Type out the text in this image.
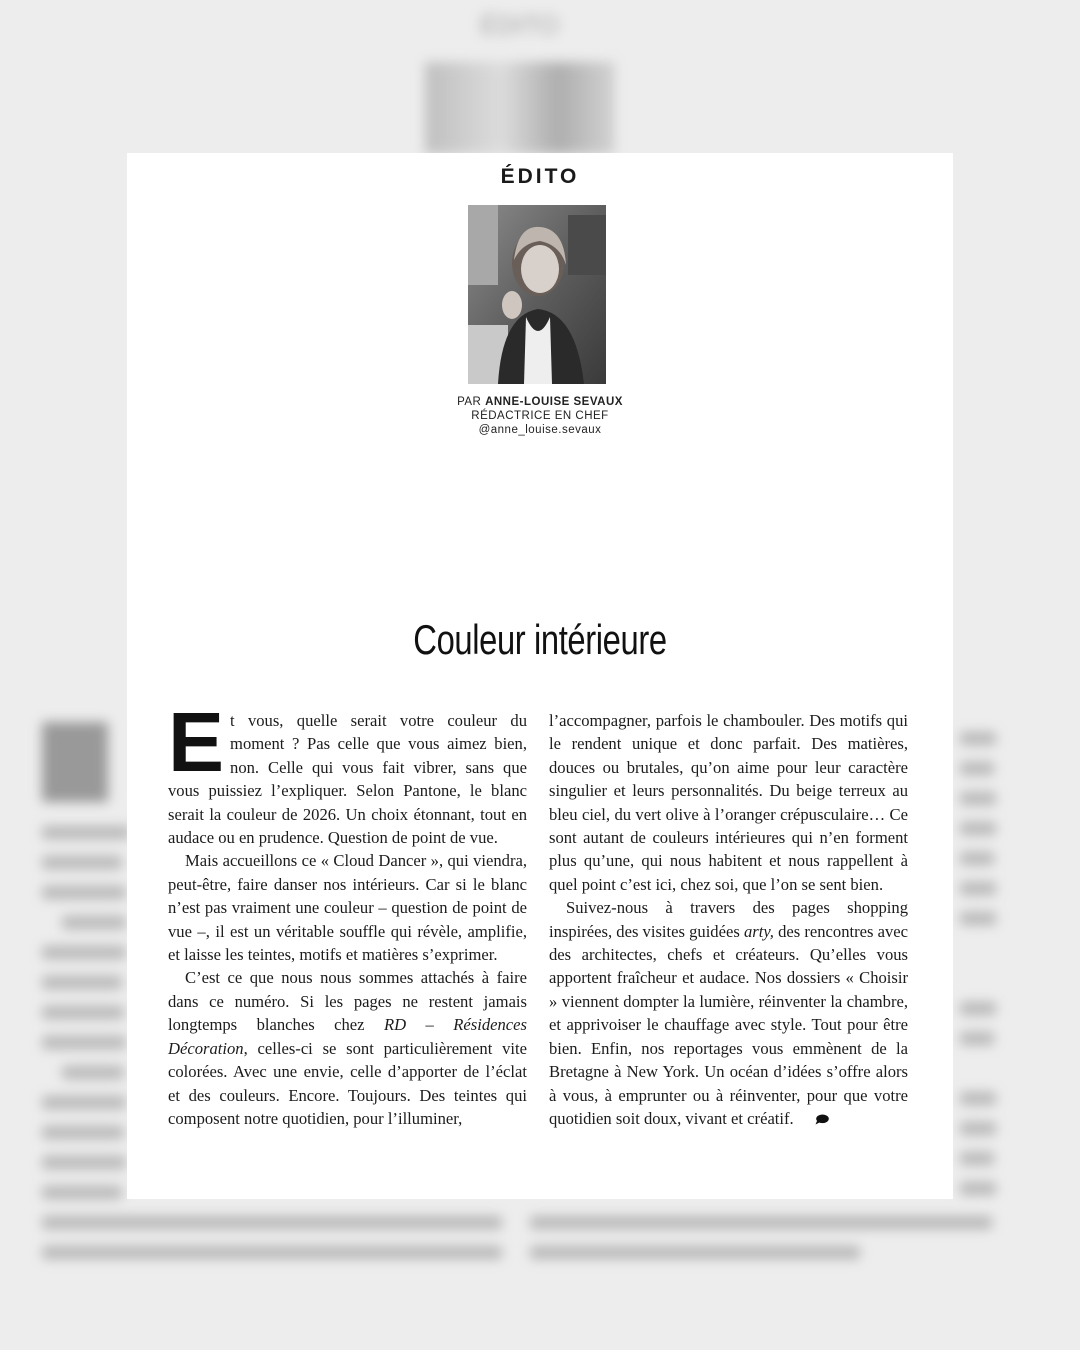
ÉDITO
ÉDITO
PAR ANNE-LOUISE SEVAUX
RÉDACTRICE EN CHEF
@anne_louise.sevaux
Couleur intérieure

Et vous, quelle serait votre couleur du moment ? Pas celle que vous aimez bien, non. Celle qui vous fait vibrer, sans que vous puissiez l’expliquer. Selon Pantone, le blanc serait la couleur de 2026. Un choix étonnant, tout en audace ou en prudence. Question de point de vue.

Mais accueillons ce « Cloud Dancer », qui viendra, peut-être, faire danser nos intérieurs. Car si le blanc n’est pas vraiment une couleur – question de point de vue –, il est un véritable souffle qui révèle, amplifie, et laisse les teintes, motifs et matières s’exprimer.

C’est ce que nous nous sommes attachés à faire dans ce numéro. Si les pages ne restent jamais longtemps blanches chez RD – Résidences Décoration, celles-ci se sont particulièrement vite colorées. Avec une envie, celle d’apporter de l’éclat et des couleurs. Encore. Toujours. Des teintes qui composent notre quotidien, pour l’illuminer,

l’accompagner, parfois le chambouler. Des motifs qui le rendent unique et donc parfait. Des matières, douces ou brutales, qu’on aime pour leur caractère singulier et leurs personnalités. Du beige terreux au bleu ciel, du vert olive à l’oranger crépusculaire… Ce sont autant de couleurs intérieures qui n’en forment plus qu’une, qui nous habitent et nous rappellent à quel point c’est ici, chez soi, que l’on se sent bien.

Suivez-nous à travers des pages shopping inspirées, des visites guidées arty, des rencontres avec des architectes, chefs et créateurs. Qu’elles vous apportent fraîcheur et audace. Nos dossiers « Choisir » viennent dompter la lumière, réinventer la chambre, et apprivoiser le chauffage avec style. Tout pour être bien. Enfin, nos reportages vous emmènent de la Bretagne à New York. Un océan d’idées s’offre alors à vous, à emprunter ou à réinventer, pour que votre quotidien soit doux, vivant et créatif.
